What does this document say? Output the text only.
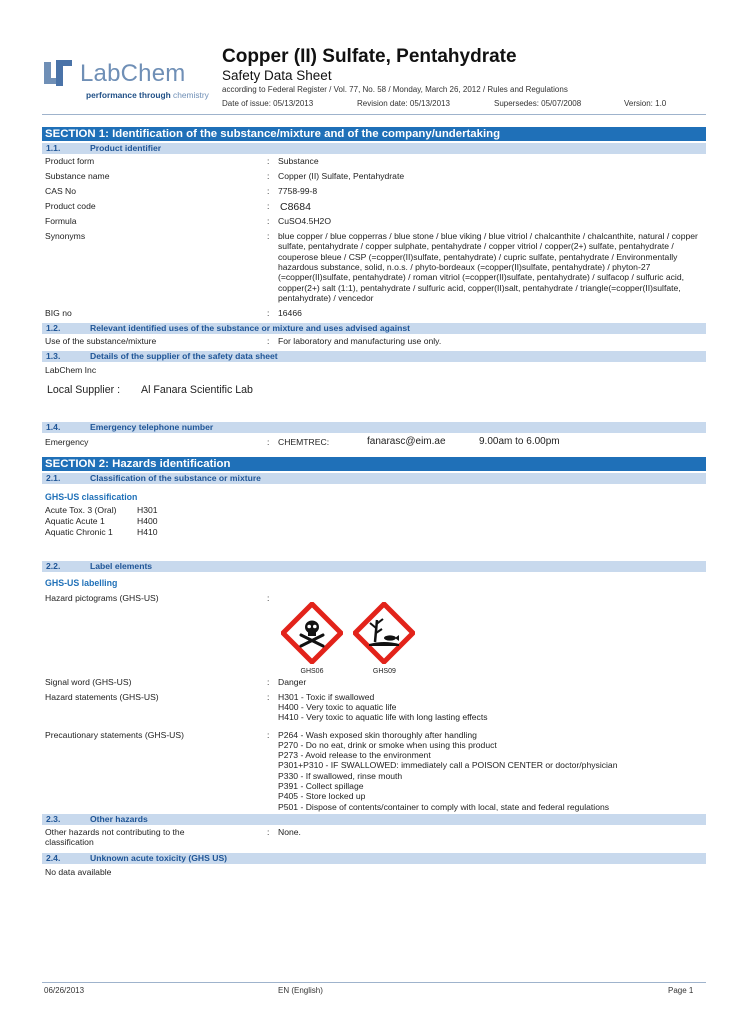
LabChem
performance through chemistry
Copper (II) Sulfate, Pentahydrate
Safety Data Sheet
according to Federal Register / Vol. 77, No. 58 / Monday, March 26, 2012 / Rules and Regulations
Date of issue: 05/13/2013	Revision date: 05/13/2013	Supersedes: 05/07/2008	Version: 1.0
SECTION 1: Identification of the substance/mixture and of the company/undertaking
1.1.	Product identifier
Product form	: Substance
Substance name	: Copper (II) Sulfate, Pentahydrate
CAS No	: 7758-99-8
Product code	: C8684
Formula	: CuSO4.5H2O
Synonyms	: blue copper / blue copperras / blue stone / blue viking / blue vitriol / chalcanthite / chalcanthite, natural / copper sulfate, pentahydrate / copper sulphate, pentahydrate / copper vitriol / copper(2+) sulfate, pentahydrate / couperose bleue / CSP (=copper(II)sulfate, pentahydrate) / cupric sulfate, pentahydrate / Environmentally hazardous substance, solid, n.o.s. / phyto-bordeaux (=copper(II)sulfate, pentahydrate) / phyton-27 (=copper(II)sulfate, pentahydrate) / roman vitriol (=copper(II)sulfate, pentahydrate) / sulfacop / sulfuric acid, copper(2+) salt (1:1), pentahydrate / sulfuric acid, copper(II)salt, pentahydrate / triangle(=copper(II)sulfate, pentahydrate) / vencedor
BIG no	: 16466
1.2.	Relevant identified uses of the substance or mixture and uses advised against
Use of the substance/mixture	: For laboratory and manufacturing use only.
1.3.	Details of the supplier of the safety data sheet
LabChem Inc
Local Supplier : Al Fanara Scientific Lab
1.4.	Emergency telephone number
Emergency	: CHEMTREC:	fanarasc@eim.ae	9.00am to 6.00pm
SECTION 2: Hazards identification
2.1.	Classification of the substance or mixture
GHS-US classification
Acute Tox. 3 (Oral) H301
Aquatic Acute 1	H400
Aquatic Chronic 1	H410
2.2.	Label elements
GHS-US labelling
Hazard pictograms (GHS-US)	:
GHS06
	GHS09
Signal word (GHS-US)	: Danger
Hazard statements (GHS-US)	: H301 - Toxic if swallowed
H400 - Very toxic to aquatic life
H410 - Very toxic to aquatic life with long lasting effects
Precautionary statements (GHS-US)	: P264 - Wash exposed skin thoroughly after handling
P270 - Do no eat, drink or smoke when using this product
P273 - Avoid release to the environment
P301+P310 - IF SWALLOWED: immediately call a POISON CENTER or doctor/physician
P330 - If swallowed, rinse mouth
P391 - Collect spillage
P405 - Store locked up
P501 - Dispose of contents/container to comply with local, state and federal regulations
2.3.	Other hazards
Other hazards not contributing to the classification
: None.
2.4.	Unknown acute toxicity (GHS US)
No data available
06/26/2013	EN (English)	Page 1
